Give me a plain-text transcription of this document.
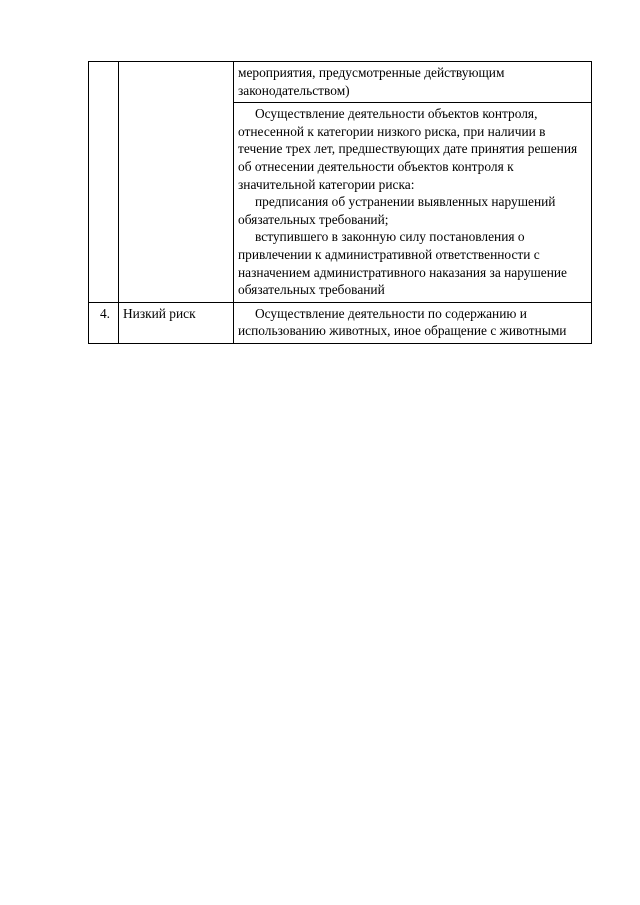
		мероприятия, предусмотренные действующим законодательством)

		Осуществление деятельности объектов контроля, отнесенной к категории низкого риска, при наличии в течение трех лет, предшествующих дате принятия решения об отнесении деятельности объектов контроля к значительной категории риска:

предписания об устранении выявленных нарушений обязательных требований;

вступившего в законную силу постановления о привлечении к административной ответственности с назначением административного наказания за нарушение обязательных требований

4.	Низкий риск	Осуществление деятельности по содержанию и использованию животных, иное обращение с животными
